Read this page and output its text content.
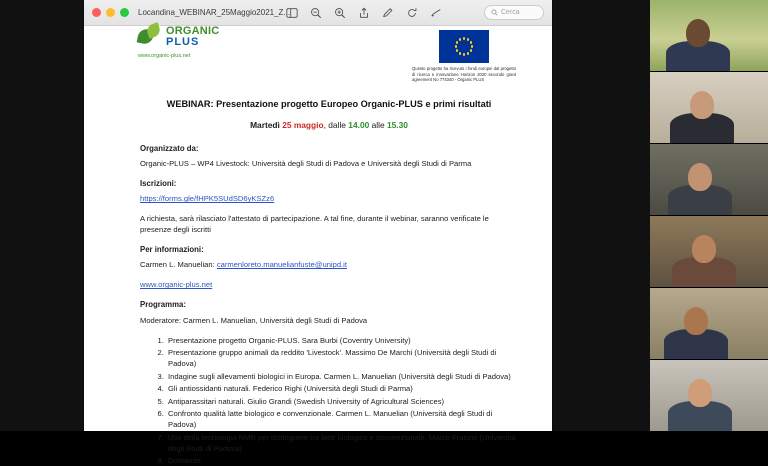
Locandina_WEBINAR_25Maggio2021_Z...	Cerca
ORGANIC
PLUS
www.organic-plus.net
Questo progetto ha ricevuto i fondi europei dal progetto di ricerca e innovazione Horizon 2020 secondo grant agreement No 774340 - Organic PLUS
WEBINAR: Presentazione progetto Europeo Organic-PLUS e primi risultati
Martedì 25 maggio, dalle 14.00 alle 15.30
Organizzato da:

Organic-PLUS – WP4 Livestock: Università degli Studi di Padova e Università degli Studi di Parma

Iscrizioni:

https://forms.gle/fHPK5SUdSD6yKSZz6

A richiesta, sarà rilasciato l'attestato di partecipazione. A tal fine, durante il webinar, saranno verificate le presenze degli iscritti

Per informazioni:

Carmen L. Manuelian: carmenloreto.manuelianfuste@unipd.it

www.organic-plus.net

Programma:

Moderatore: Carmen L. Manuelian, Università degli Studi di Padova

1. Presentazione progetto Organic-PLUS. Sara Burbi (Coventry University)
2. Presentazione gruppo animali da reddito 'Livestock'. Massimo De Marchi (Università degli Studi di Padova)
3. Indagine sugli allevamenti biologici in Europa. Carmen L. Manuelian (Università degli Studi di Padova)
4. Gli antiossidanti naturali. Federico Righi (Università degli Studi di Parma)
5. Antiparassitari naturali. Giulio Grandi (Swedish University of Agricultural Sciences)
6. Confronto qualità latte biologico e convenzionale. Carmen L. Manuelian (Università degli Studi di Padova)
7. Uso della tecnologia NMR per distinguere tra latte biologico e convenzionale. Marco Franzoi (Università degli Studi di Padova)
8. Domande
